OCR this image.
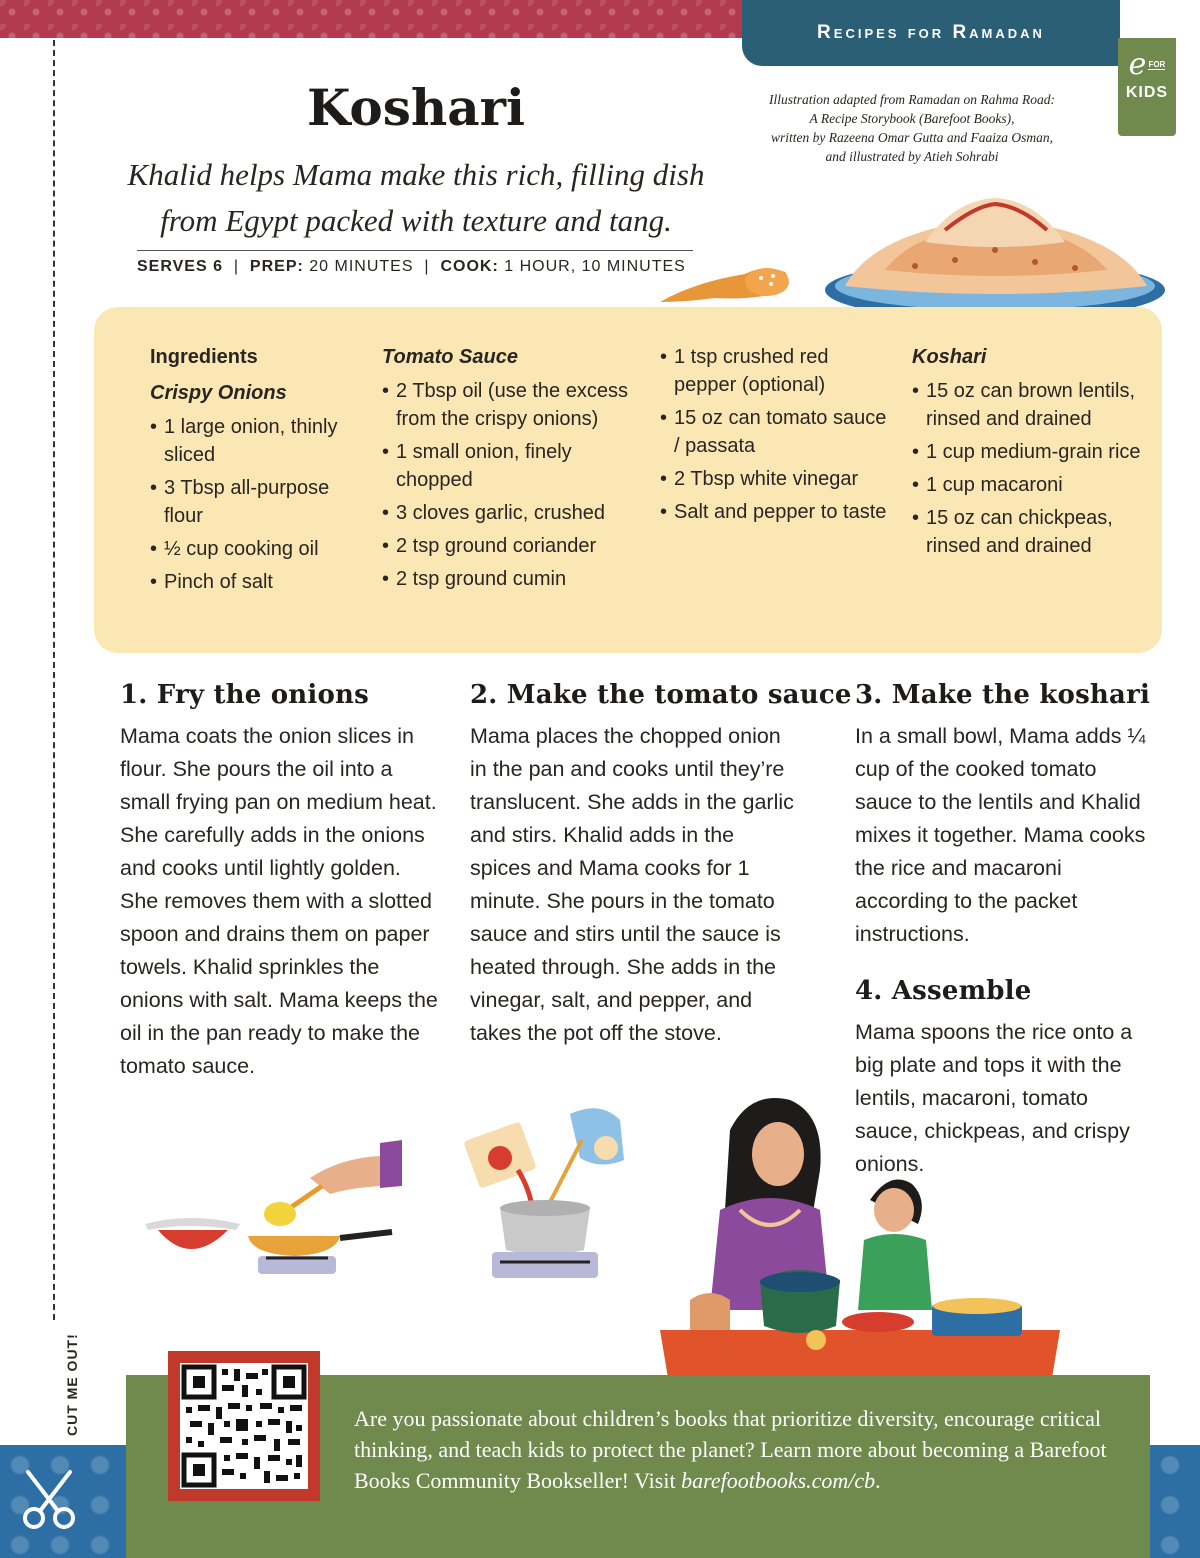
Recipes for Ramadan
e FOR
KIDS
CUT ME OUT!
Koshari
Khalid helps Mama make this rich, filling dish
from Egypt packed with texture and tang.
SERVES 6  |  PREP: 20 MINUTES  |  COOK: 1 HOUR, 10 MINUTES
Illustration adapted from Ramadan on Rahma Road:
A Recipe Storybook (Barefoot Books),
written by Razeena Omar Gutta and Faaiza Osman,
and illustrated by Atieh Sohrabi
Ingredients
Crispy Onions
• 1 large onion, thinly sliced
• 3 Tbsp all-purpose flour
• ½ cup cooking oil
• Pinch of salt
Tomato Sauce
• 2 Tbsp oil (use the excess from the crispy onions)
• 1 small onion, finely chopped
• 3 cloves garlic, crushed
• 2 tsp ground coriander
• 2 tsp ground cumin
• 1 tsp crushed red pepper (optional)
• 15 oz can tomato sauce / passata
• 2 Tbsp white vinegar
• Salt and pepper to taste
Koshari
• 15 oz can brown lentils, rinsed and drained
• 1 cup medium-grain rice
• 1 cup macaroni
• 15 oz can chickpeas, rinsed and drained
1. Fry the onions

Mama coats the onion slices in flour. She pours the oil into a small frying pan on medium heat. She carefully adds in the onions and cooks until lightly golden. She removes them with a slotted spoon and drains them on paper towels. Khalid sprinkles the onions with salt. Mama keeps the oil in the pan ready to make the tomato sauce.

2. Make the tomato sauce

Mama places the chopped onion in the pan and cooks until they’re translucent. She adds in the garlic and stirs. Khalid adds in the spices and Mama cooks for 1 minute. She pours in the tomato sauce and stirs until the sauce is heated through. She adds in the vinegar, salt, and pepper, and takes the pot off the stove.

3. Make the koshari

In a small bowl, Mama adds ¼ cup of the cooked tomato sauce to the lentils and Khalid mixes it together. Mama cooks the rice and macaroni according to the packet instructions.

4. Assemble

Mama spoons the rice onto a big plate and tops it with the lentils, macaroni, tomato sauce, chickpeas, and crispy onions.

Are you passionate about children’s books that prioritize diversity, encourage critical thinking, and teach kids to protect the planet? Learn more about becoming a Barefoot Books Community Bookseller! Visit barefootbooks.com/cb.
